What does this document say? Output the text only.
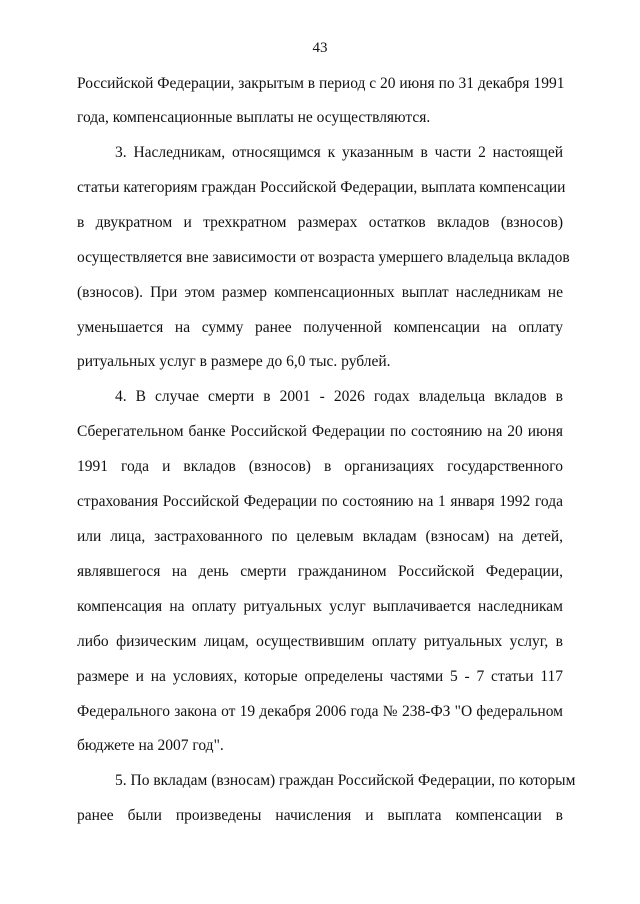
43
Российской Федерации, закрытым в период с 20 июня по 31 декабря 1991
года, компенсационные выплаты не осуществляются.
3. Наследникам, относящимся к указанным в части 2 настоящей
статьи категориям граждан Российской Федерации, выплата компенсации
в двукратном и трехкратном размерах остатков вкладов (взносов)
осуществляется вне зависимости от возраста умершего владельца вкладов
(взносов). При этом размер компенсационных выплат наследникам не
уменьшается на сумму ранее полученной компенсации на оплату
ритуальных услуг в размере до 6,0 тыс. рублей.
4. В случае смерти в 2001 - 2026 годах владельца вкладов в
Сберегательном банке Российской Федерации по состоянию на 20 июня
1991 года и вкладов (взносов) в организациях государственного
страхования Российской Федерации по состоянию на 1 января 1992 года
или лица, застрахованного по целевым вкладам (взносам) на детей,
являвшегося на день смерти гражданином Российской Федерации,
компенсация на оплату ритуальных услуг выплачивается наследникам
либо физическим лицам, осуществившим оплату ритуальных услуг, в
размере и на условиях, которые определены частями 5 - 7 статьи 117
Федерального закона от 19 декабря 2006 года № 238-ФЗ "О федеральном
бюджете на 2007 год".
5. По вкладам (взносам) граждан Российской Федерации, по которым
ранее были произведены начисления и выплата компенсации в
